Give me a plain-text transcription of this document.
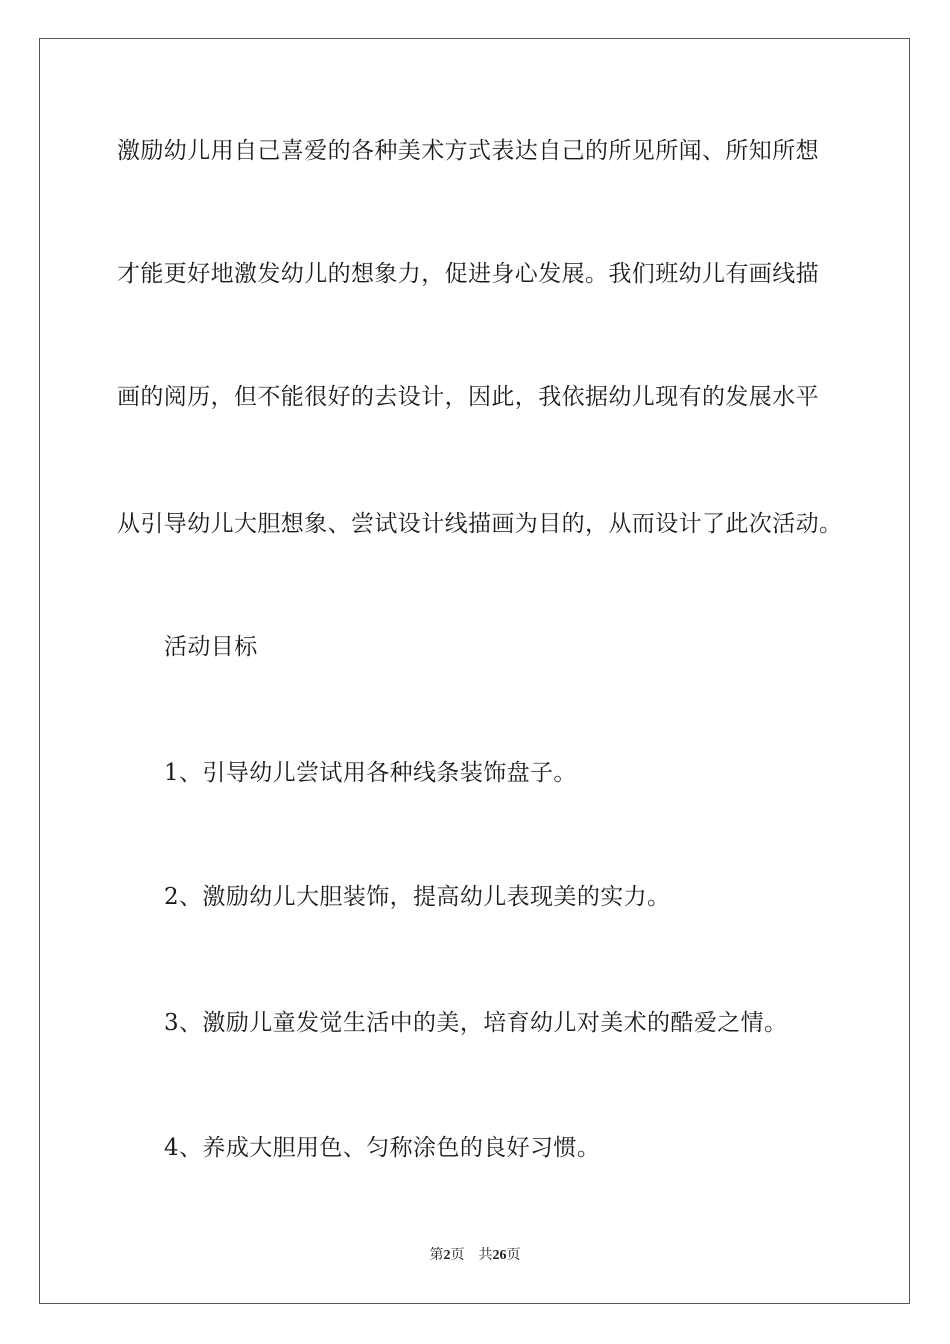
激励幼儿用自己喜爱的各种美术方式表达自己的所见所闻、所知所想
才能更好地激发幼儿的想象力，促进身心发展。我们班幼儿有画线描
画的阅历，但不能很好的去设计，因此，我依据幼儿现有的发展水平
从引导幼儿大胆想象、尝试设计线描画为目的，从而设计了此次活动。
活动目标
1、引导幼儿尝试用各种线条装饰盘子。
2、激励幼儿大胆装饰，提高幼儿表现美的实力。
3、激励儿童发觉生活中的美，培育幼儿对美术的酷爱之情。
4、养成大胆用色、匀称涂色的良好习惯。
第2页 共26页
